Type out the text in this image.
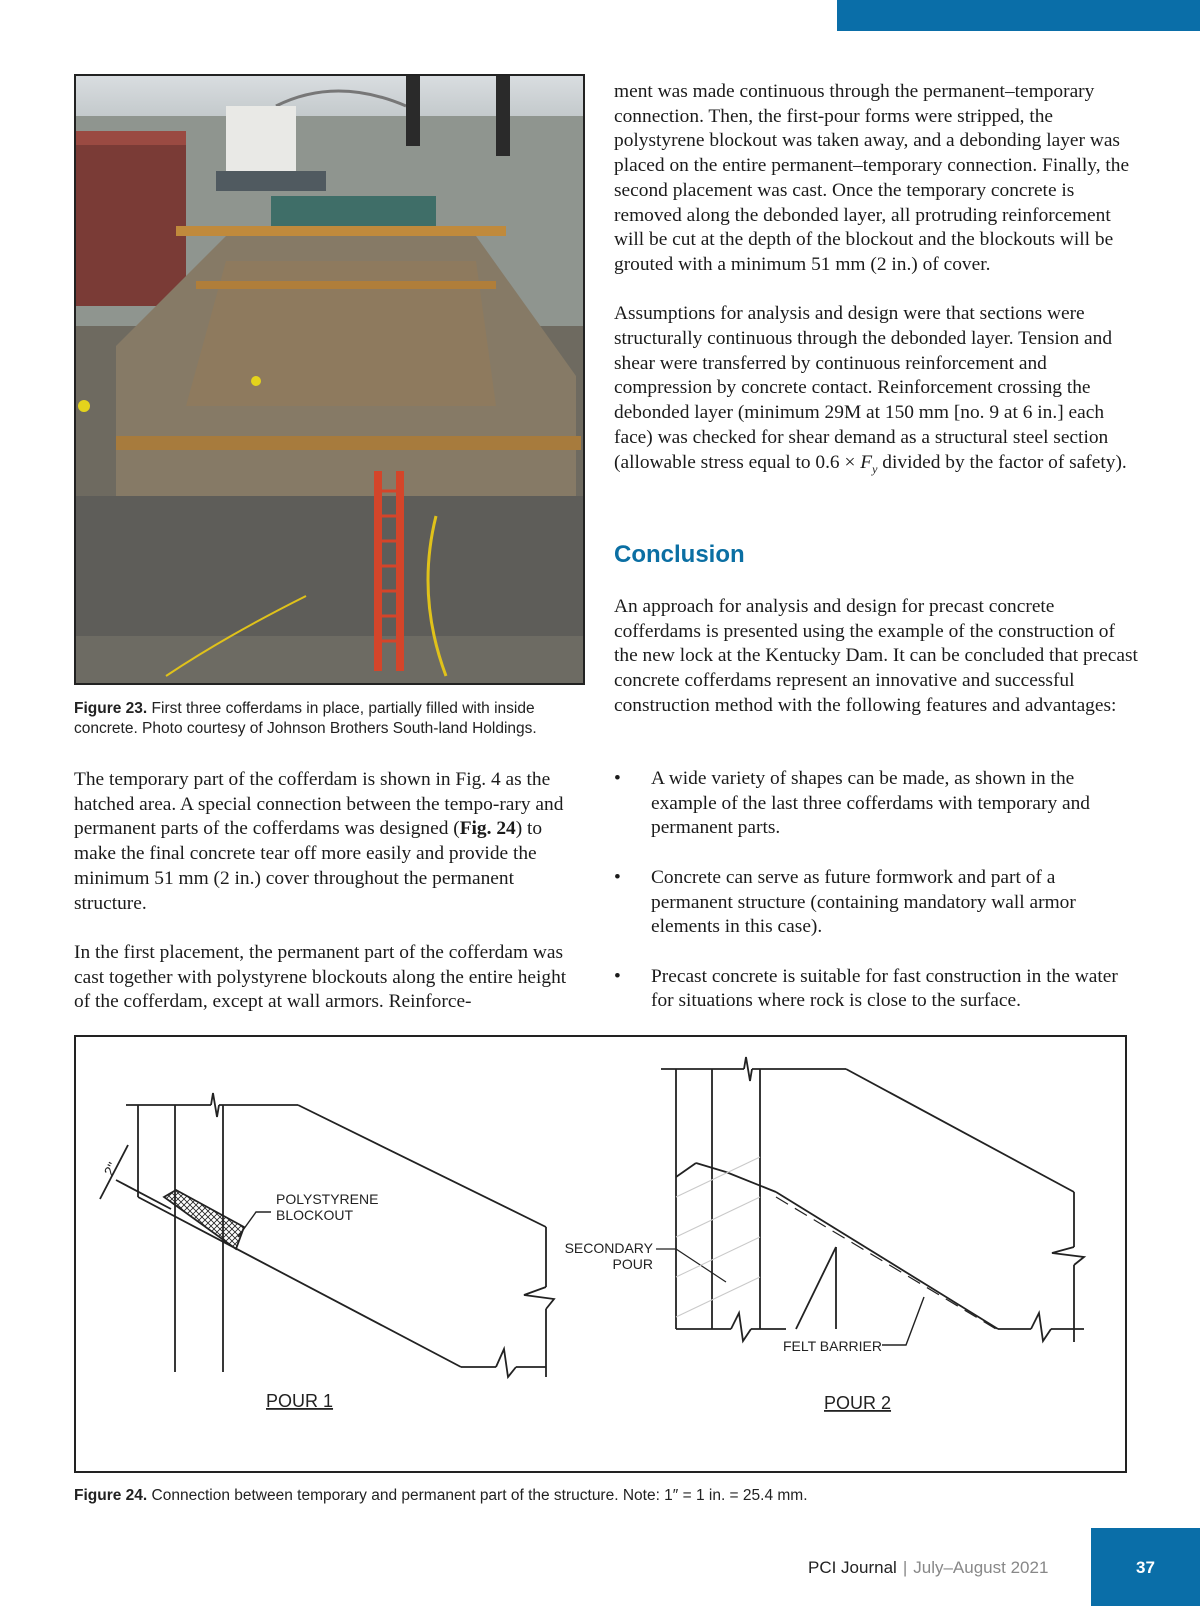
Figure 23. First three cofferdams in place, partially filled with inside concrete. Photo courtesy of Johnson Brothers South-land Holdings.

The temporary part of the cofferdam is shown in Fig. 4 as the hatched area. A special connection between the tempo-rary and permanent parts of the cofferdams was designed (Fig. 24) to make the final concrete tear off more easily and provide the minimum 51 mm (2 in.) cover throughout the permanent structure.

In the first placement, the permanent part of the cofferdam was cast together with polystyrene blockouts along the entire height of the cofferdam, except at wall armors. Reinforce-

ment was made continuous through the permanent–temporary connection. Then, the first-pour forms were stripped, the polystyrene blockout was taken away, and a debonding layer was placed on the entire permanent–temporary connection. Finally, the second placement was cast. Once the temporary concrete is removed along the debonded layer, all protruding reinforcement will be cut at the depth of the blockout and the blockouts will be grouted with a minimum 51 mm (2 in.) of cover.

Assumptions for analysis and design were that sections were structurally continuous through the debonded layer. Tension and shear were transferred by continuous reinforcement and compression by concrete contact. Reinforcement crossing the debonded layer (minimum 29M at 150 mm [no. 9 at 6 in.] each face) was checked for shear demand as a structural steel section (allowable stress equal to $0.6 \times F_y$ divided by the factor of safety).

Conclusion
An approach for analysis and design for precast concrete cofferdams is presented using the example of the construction of the new lock at the Kentucky Dam. It can be concluded that precast concrete cofferdams represent an innovative and successful construction method with the following features and advantages:
• A wide variety of shapes can be made, as shown in the example of the last three cofferdams with temporary and permanent parts.
• Concrete can serve as future formwork and part of a permanent structure (containing mandatory wall armor elements in this case).
• Precast concrete is suitable for fast construction in the water for situations where rock is close to the surface.
2"
POLYSTYRENE
BLOCKOUT
SECONDARY
POUR
FELT BARRIER
POUR 1	POUR 2
Figure 24. Connection between temporary and permanent part of the structure. Note: 1″ = 1 in. = 25.4 mm.
PCI Journal | July–August 2021	37
